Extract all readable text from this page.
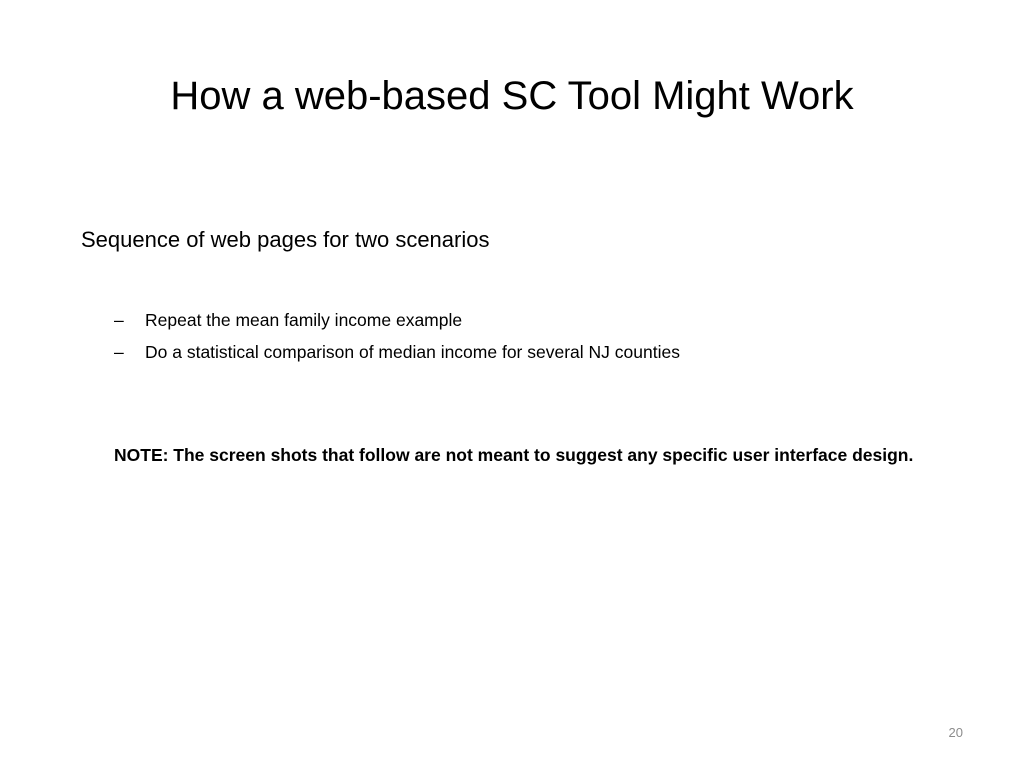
How a web-based SC Tool Might Work

Sequence of web pages for two scenarios

– Repeat the mean family income example
– Do a statistical comparison of median income for several NJ counties

NOTE: The screen shots that follow are not meant to suggest any specific user interface design.

20
